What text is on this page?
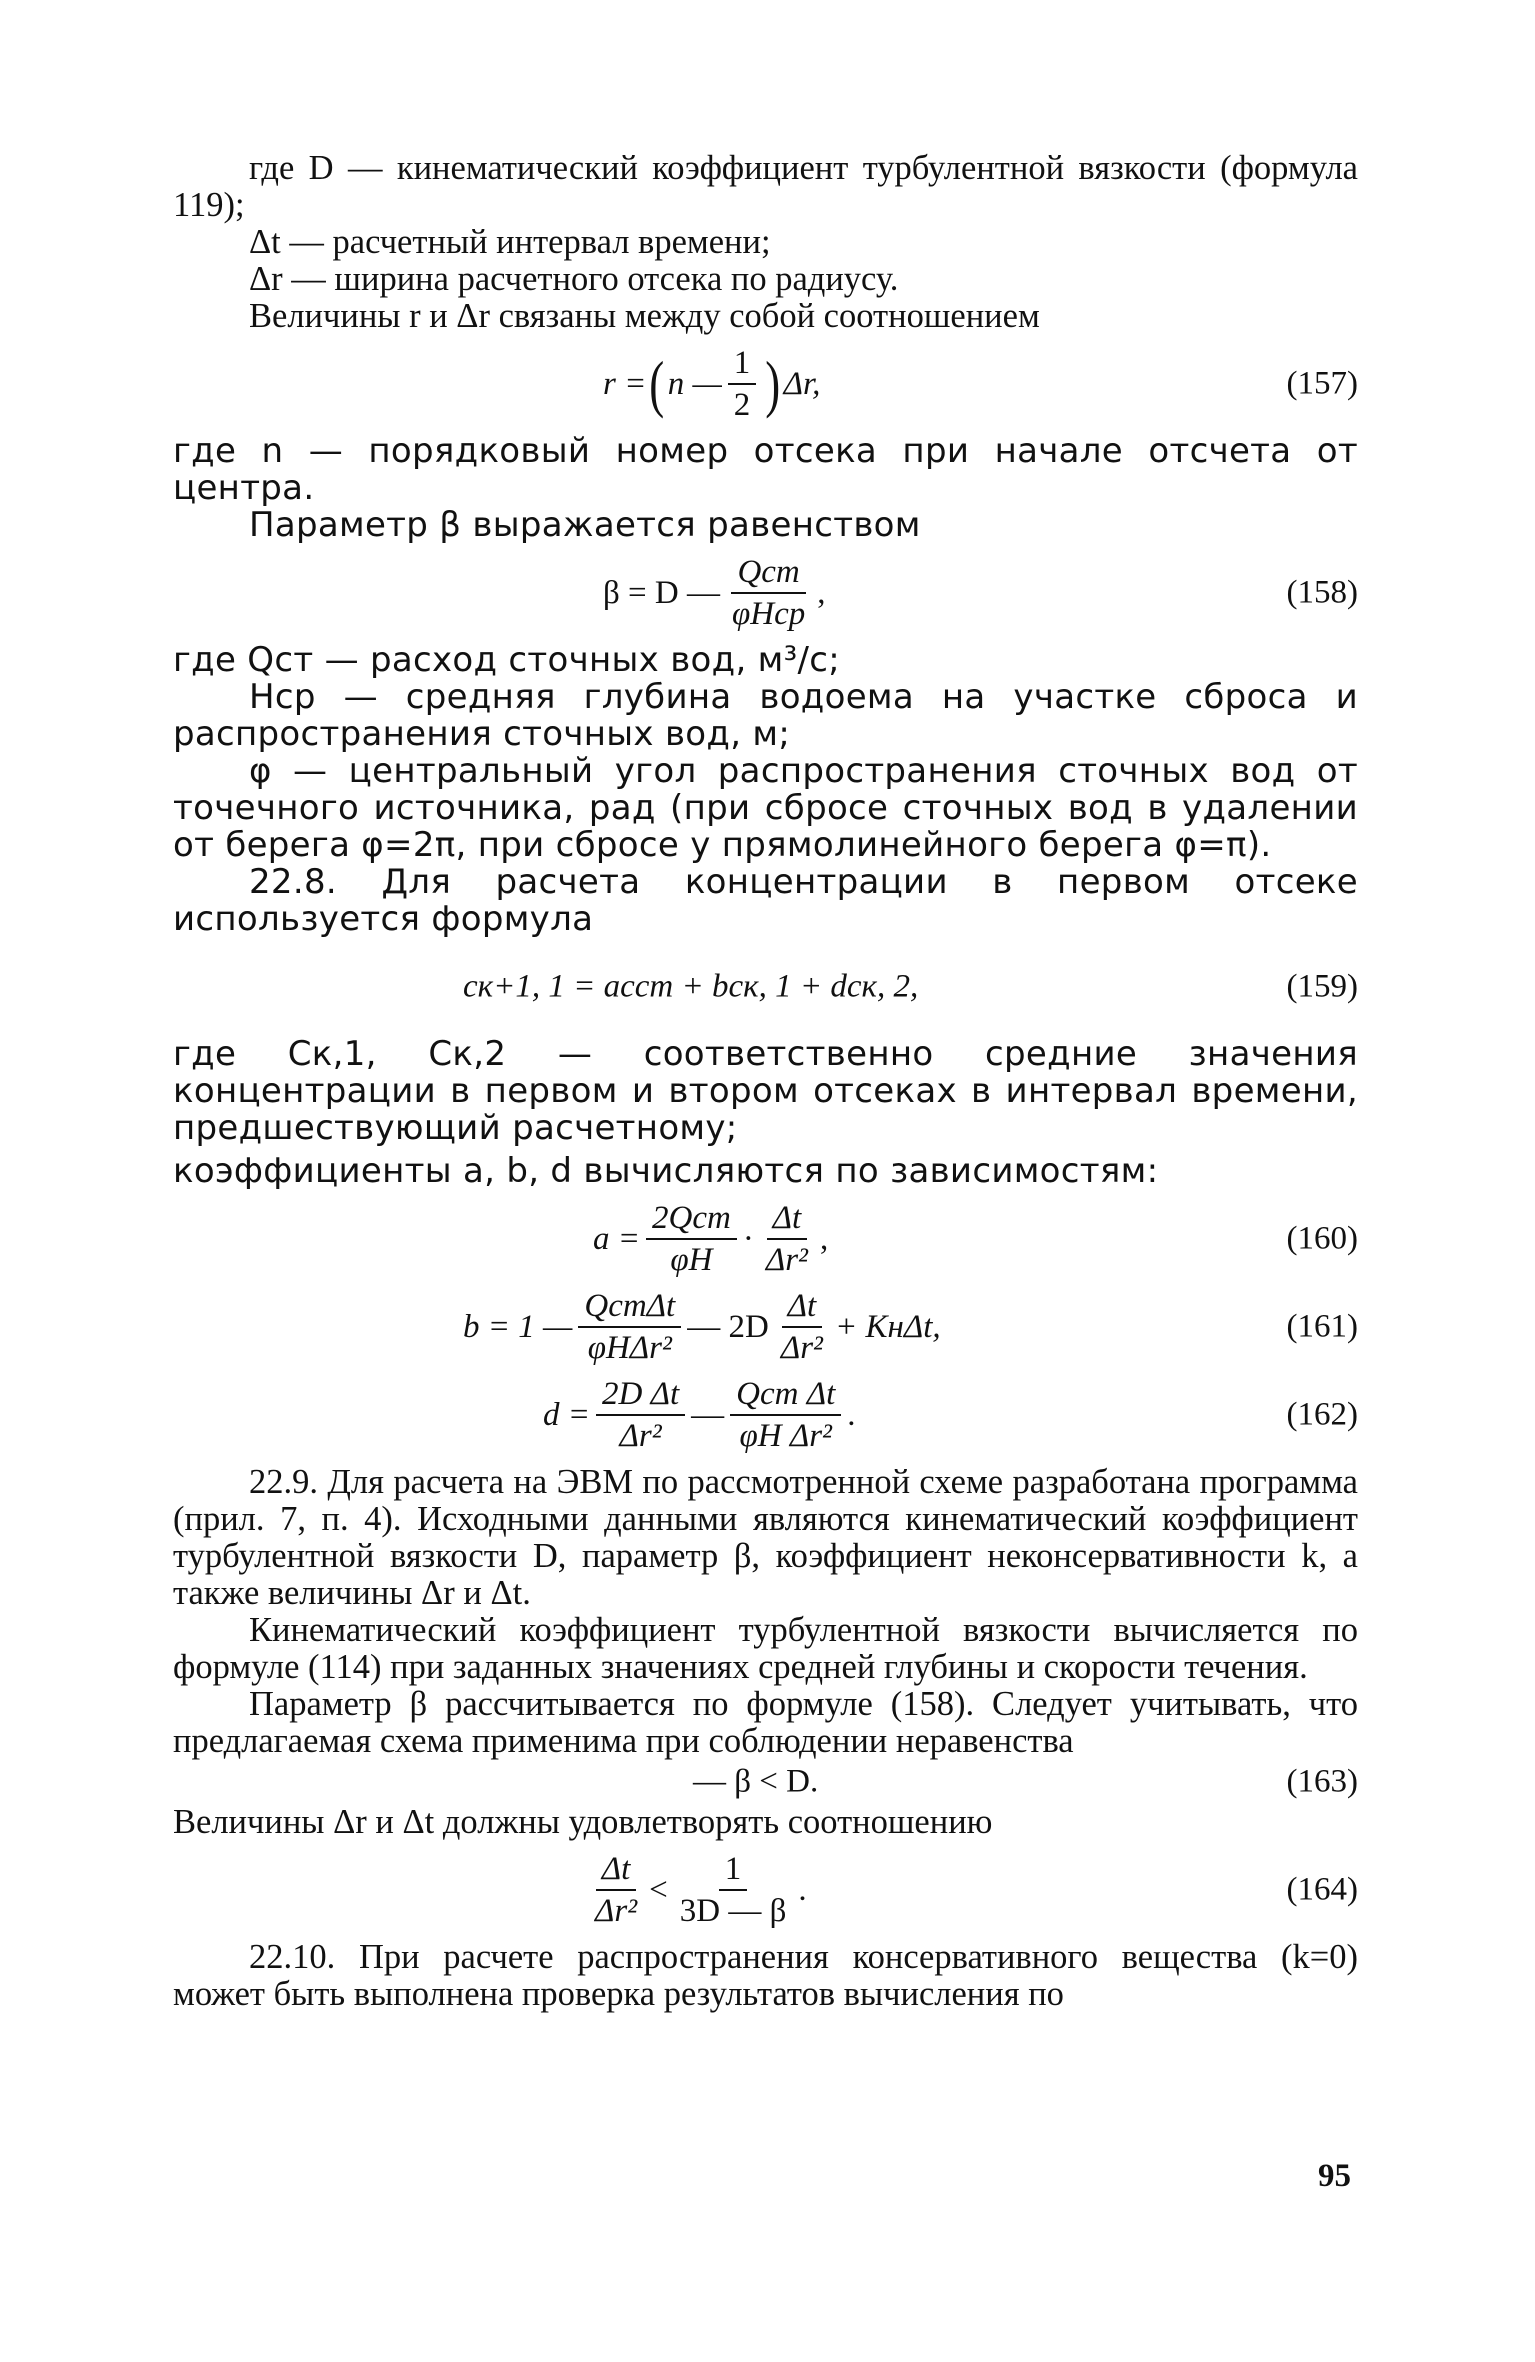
где D — кинематический коэффициент турбулентной вязкости (формула 119);

Δt — расчетный интервал времени;

Δr — ширина расчетного отсека по радиусу.

Величины r и Δr связаны между собой соотношением

r = ( n — $\frac{1}{2}$ ) Δr,	(157)

где n — порядковый номер отсека при начале отсчета от центра.

Параметр β выражается равенством

β = D — $\frac{\text{Qст}}{\text{φHср}}$ ,	(158)

где Qст — расход сточных вод, м³/с;

Нср — средняя глубина водоема на участке сброса и распространения сточных вод, м;

φ — центральный угол распространения сточных вод от точечного источника, рад (при сбросе сточных вод в удалении от берега φ=2π, при сбросе у прямолинейного берега φ=π).

22.8. Для расчета концентрации в первом отсеке используется формула

cк+1, 1 = acст + bcк, 1 + dcк, 2,	(159)

где Ск,1, Ск,2 — соответственно средние значения концентрации в первом и втором отсеках в интервал времени, предшествующий расчетному;

коэффициенты a, b, d вычисляются по зависимостям:

$a = \frac{\text{2Qст}}{\varphi H} \cdot \frac{\Delta t}{\text{Δr²}}$ ,	(160)
b = 1 — $\frac{\text{QстΔt}}{\text{φHΔr²}}$ — $2D \frac{\Delta t}{\text{Δr²}} + Kн\Delta t$,	(161)
$d = \frac{\text{2D Δt}}{\text{Δr²}}$ — $\frac{\text{Qст Δt}}{\text{φH Δr²}}$ .	(162)

22.9. Для расчета на ЭВМ по рассмотренной схеме разработана программа (прил. 7, п. 4). Исходными данными являются кинематический коэффициент турбулентной вязкости D, параметр β, коэффициент неконсервативности k, а также величины Δr и Δt.

Кинематический коэффициент турбулентной вязкости вычисляется по формуле (114) при заданных значениях средней глубины и скорости течения.

Параметр β рассчитывается по формуле (158). Следует учитывать, что предлагаемая схема применима при соблюдении неравенства

— β < D.	(163)

Величины Δr и Δt должны удовлетворять соотношению

$\frac{\Delta t}{\text{Δr²}} < \frac{1}{3D — \beta}$ .	(164)

22.10. При расчете распространения консервативного вещества (k=0) может быть выполнена проверка результатов вычисления по

95
